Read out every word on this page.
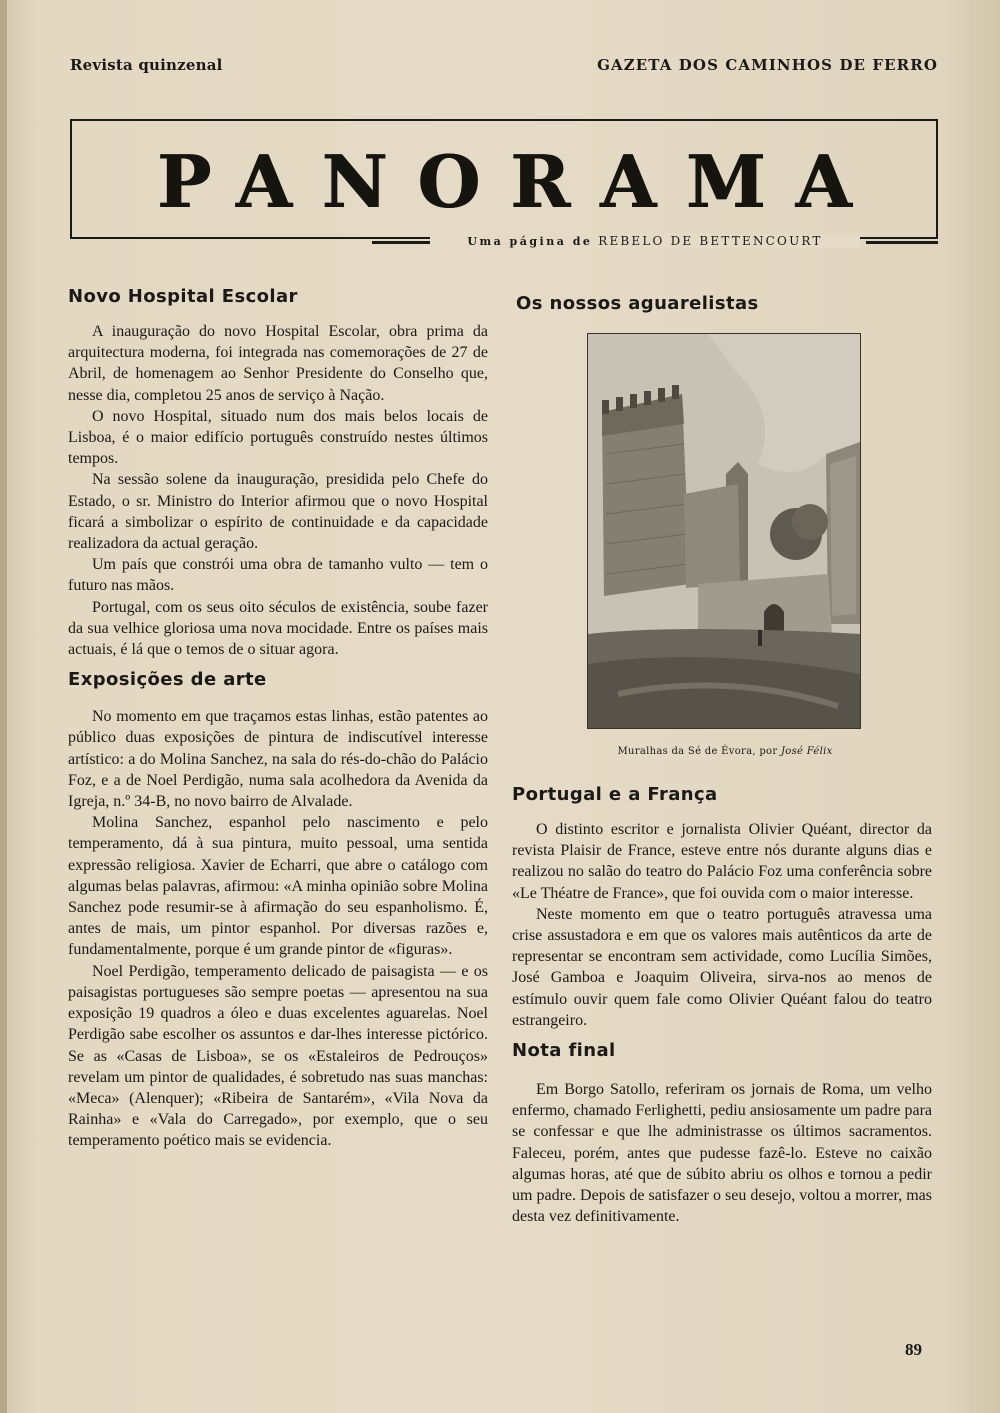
Revista quinzenal	GAZETA DOS CAMINHOS DE FERRO
PANORAMA
Uma página de REBELO DE BETTENCOURT
Novo Hospital Escolar

A inauguração do novo Hospital Escolar, obra prima da arquitectura moderna, foi integrada nas comemorações de 27 de Abril, de homenagem ao Senhor Presidente do Conselho que, nesse dia, completou 25 anos de serviço à Nação.

O novo Hospital, situado num dos mais belos locais de Lisboa, é o maior edifício português construído nestes últimos tempos.

Na sessão solene da inauguração, presidida pelo Chefe do Estado, o sr. Ministro do Interior afirmou que o novo Hospital ficará a simbolizar o espírito de continuidade e da capacidade realizadora da actual geração.

Um país que constrói uma obra de tamanho vulto — tem o futuro nas mãos.

Portugal, com os seus oito séculos de existência, soube fazer da sua velhice gloriosa uma nova mocidade. Entre os países mais actuais, é lá que o temos de o situar agora.

Exposições de arte

No momento em que traçamos estas linhas, estão patentes ao público duas exposições de pintura de indiscutível interesse artístico: a do Molina Sanchez, na sala do rés-do-chão do Palácio Foz, e a de Noel Perdigão, numa sala acolhedora da Avenida da Igreja, n.º 34-B, no novo bairro de Alvalade.

Molina Sanchez, espanhol pelo nascimento e pelo temperamento, dá à sua pintura, muito pessoal, uma sentida expressão religiosa. Xavier de Echarri, que abre o catálogo com algumas belas palavras, afirmou: «A minha opinião sobre Molina Sanchez pode resumir-se à afirmação do seu espanholismo. É, antes de mais, um pintor espanhol. Por diversas razões e, fundamentalmente, porque é um grande pintor de «figuras».

Noel Perdigão, temperamento delicado de paisagista — e os paisagistas portugueses são sempre poetas — apresentou na sua exposição 19 quadros a óleo e duas excelentes aguarelas. Noel Perdigão sabe escolher os assuntos e dar-lhes interesse pictórico. Se as «Casas de Lisboa», se os «Estaleiros de Pedrouços» revelam um pintor de qualidades, é sobretudo nas suas manchas: «Meca» (Alenquer); «Ribeira de Santarém», «Vila Nova da Rainha» e «Vala do Carregado», por exemplo, que o seu temperamento poético mais se evidencia.

Os nossos aguarelistas
Muralhas da Sé de Évora, por José Félix
Portugal e a França

O distinto escritor e jornalista Olivier Quéant, director da revista Plaisir de France, esteve entre nós durante alguns dias e realizou no salão do teatro do Palácio Foz uma conferência sobre «Le Théatre de France», que foi ouvida com o maior interesse.

Neste momento em que o teatro português atravessa uma crise assustadora e em que os valores mais autênticos da arte de representar se encontram sem actividade, como Lucília Simões, José Gamboa e Joaquim Oliveira, sirva-nos ao menos de estímulo ouvir quem fale como Olivier Quéant falou do teatro estrangeiro.

Nota final

Em Borgo Satollo, referiram os jornais de Roma, um velho enfermo, chamado Ferlighetti, pediu ansiosamente um padre para se confessar e que lhe administrasse os últimos sacramentos. Faleceu, porém, antes que pudesse fazê-lo. Esteve no caixão algumas horas, até que de súbito abriu os olhos e tornou a pedir um padre. Depois de satisfazer o seu desejo, voltou a morrer, mas desta vez definitivamente.

89
